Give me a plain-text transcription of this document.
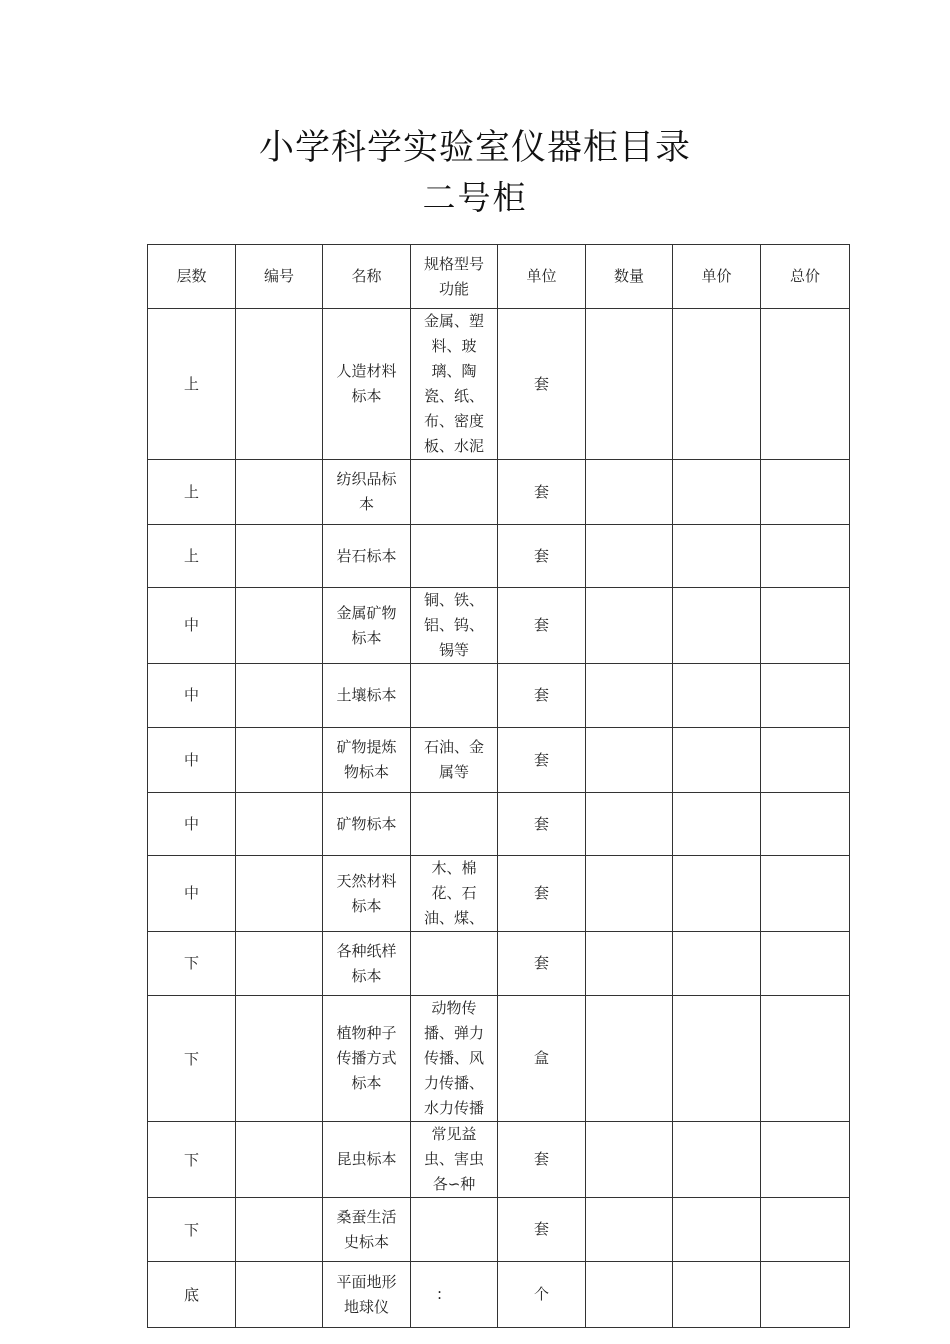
小学科学实验室仪器柜目录
二号柜
层数	编号	名称	规格型号功能	单位	数量	单价	总价
上		人造材料标本	金属、塑料、玻璃、陶瓷、纸、布、密度板、水泥	套			
上		纺织品标本		套			
上		岩石标本		套			
中		金属矿物标本	铜、铁、铝、钨、锡等	套			
中		土壤标本		套			
中		矿物提炼物标本	石油、金属等	套			
中		矿物标本		套			
中		天然材料标本	木、棉花、石油、煤、	套			
下		各种纸样标本		套			
下		植物种子传播方式标本	动物传播、弹力传播、风力传播、水力传播	盒			
下		昆虫标本	常见益虫、害虫各∽种	套			
下		桑蚕生活史标本		套			
底		平面地形地球仪	:	个			
